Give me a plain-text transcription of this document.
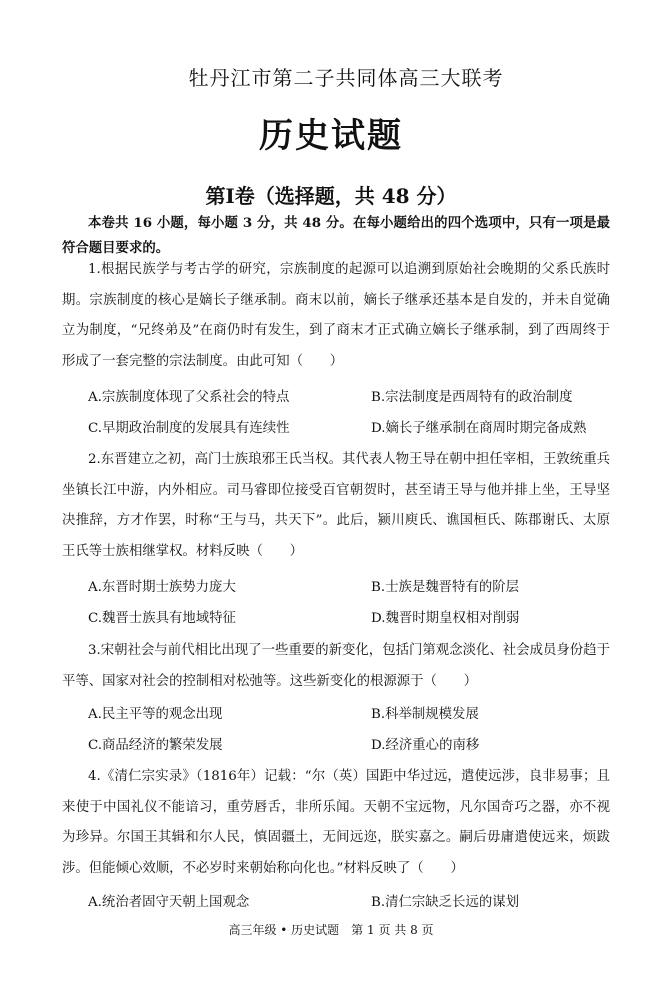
牡丹江市第二子共同体高三大联考
历史试题
第Ⅰ卷（选择题，共 48 分）
本卷共 16 小题，每小题 3 分，共 48 分。在每小题给出的四个选项中，只有一项是最符合题目要求的。
1.根据民族学与考古学的研究，宗族制度的起源可以追溯到原始社会晚期的父系氏族时期。宗族制度的核心是嫡长子继承制。商末以前，嫡长子继承还基本是自发的，并未自觉确立为制度，“兄终弟及”在商仍时有发生，到了商末才正式确立嫡长子继承制，到了西周终于形成了一套完整的宗法制度。由此可知（　　）
A.宗族制度体现了父系社会的特点	B.宗法制度是西周特有的政治制度
C.早期政治制度的发展具有连续性	D.嫡长子继承制在商周时期完备成熟
2.东晋建立之初，高门士族琅邪王氏当权。其代表人物王导在朝中担任宰相，王敦统重兵坐镇长江中游，内外相应。司马睿即位接受百官朝贺时，甚至请王导与他并排上坐，王导坚决推辞，方才作罢，时称“王与马，共天下”。此后，颍川庾氏、谯国桓氏、陈郡谢氏、太原王氏等士族相继掌权。材料反映（　　）
A.东晋时期士族势力庞大	B.士族是魏晋特有的阶层
C.魏晋士族具有地域特征	D.魏晋时期皇权相对削弱
3.宋朝社会与前代相比出现了一些重要的新变化，包括门第观念淡化、社会成员身份趋于平等、国家对社会的控制相对松弛等。这些新变化的根源源于（　　）
A.民主平等的观念出现	B.科举制规模发展
C.商品经济的繁荣发展	D.经济重心的南移
4.《清仁宗实录》（1816年）记载：“尔（英）国距中华过远，遣使远涉，良非易事；且来使于中国礼仪不能谙习，重劳唇舌，非所乐闻。天朝不宝远物，凡尔国奇巧之器，亦不视为珍异。尔国王其辑和尔人民，慎固疆土，无间远迩，朕实嘉之。嗣后毋庸遣使远来，烦跋涉。但能倾心效顺，不必岁时来朝始称向化也。”材料反映了（　　）
A.统治者固守天朝上国观念	B.清仁宗缺乏长远的谋划
高三年级 • 历史试题　第 1 页 共 8 页
